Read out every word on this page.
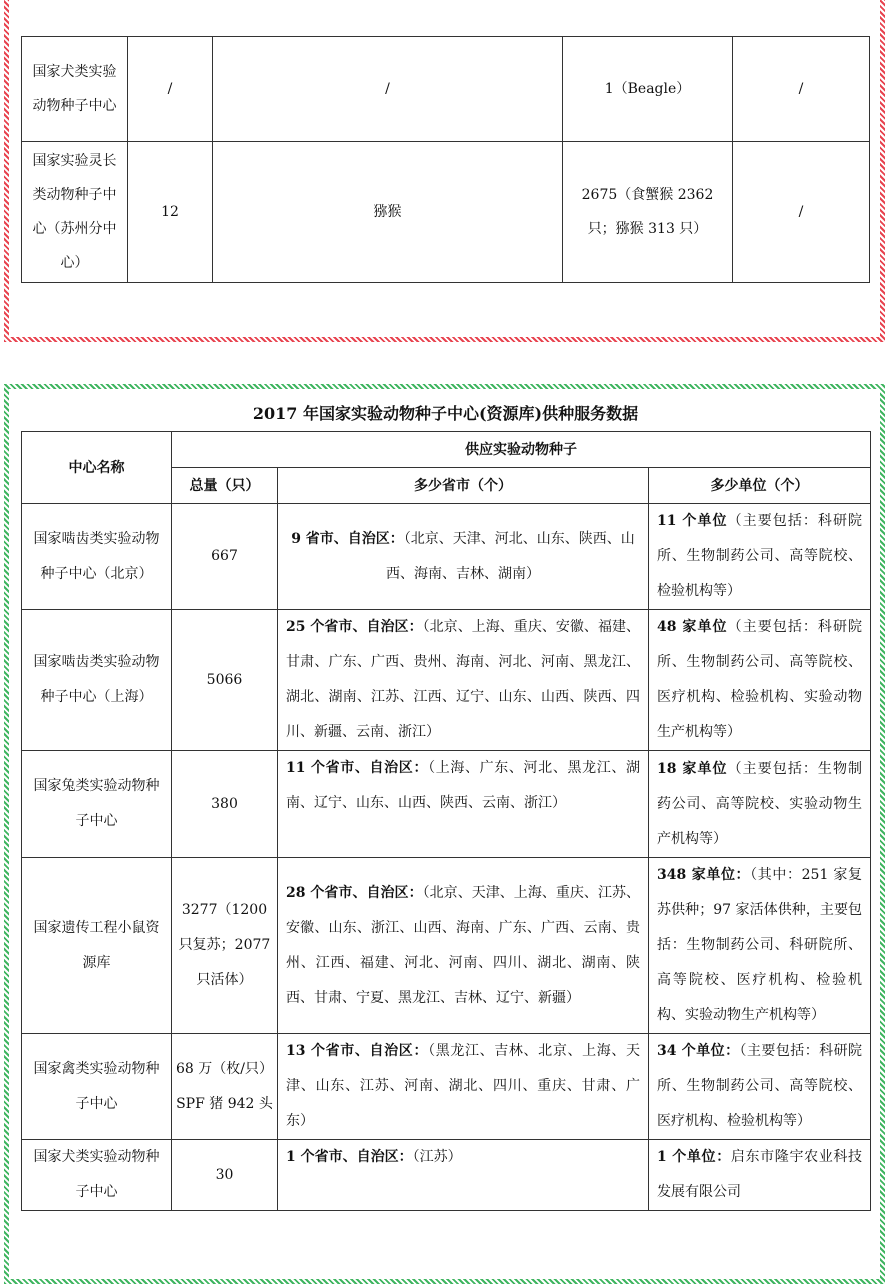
国家犬类实验动物种子中心	/	/	1（Beagle）	/
国家实验灵长类动物种子中心（苏州分中心）	12	猕猴	2675（食蟹猴 2362 只；猕猴 313 只）	/
2017 年国家实验动物种子中心(资源库)供种服务数据
中心名称	供应实验动物种子		
	总量（只）	多少省市（个）	多少单位（个）
国家啮齿类实验动物种子中心（北京）	667	9 省市、自治区：（北京、天津、河北、山东、陕西、山西、海南、吉林、湖南）	11 个单位（主要包括：科研院所、生物制药公司、高等院校、检验机构等）
国家啮齿类实验动物种子中心（上海）	5066	25 个省市、自治区：（北京、上海、重庆、安徽、福建、甘肃、广东、广西、贵州、海南、河北、河南、黑龙江、湖北、湖南、江苏、江西、辽宁、山东、山西、陕西、四川、新疆、云南、浙江）	48 家单位（主要包括：科研院所、生物制药公司、高等院校、医疗机构、检验机构、实验动物生产机构等）
国家兔类实验动物种子中心	380	11 个省市、自治区：（上海、广东、河北、黑龙江、湖南、辽宁、山东、山西、陕西、云南、浙江）	18 家单位（主要包括：生物制药公司、高等院校、实验动物生产机构等）
国家遗传工程小鼠资源库	3277（1200 只复苏；2077 只活体）	28 个省市、自治区：（北京、天津、上海、重庆、江苏、安徽、山东、浙江、山西、海南、广东、广西、云南、贵州、江西、福建、河北、河南、四川、湖北、湖南、陕西、甘肃、宁夏、黑龙江、吉林、辽宁、新疆）	348 家单位：（其中：251 家复苏供种；97 家活体供种，主要包括：生物制药公司、科研院所、高等院校、医疗机构、检验机构、实验动物生产机构等）
国家禽类实验动物种子中心	68 万（枚/只）SPF 猪 942 头	13 个省市、自治区：（黑龙江、吉林、北京、上海、天津、山东、江苏、河南、湖北、四川、重庆、甘肃、广东）	34 个单位：（主要包括：科研院所、生物制药公司、高等院校、医疗机构、检验机构等）
国家犬类实验动物种子中心	30	1 个省市、自治区：（江苏）	1 个单位：启东市隆宇农业科技发展有限公司
